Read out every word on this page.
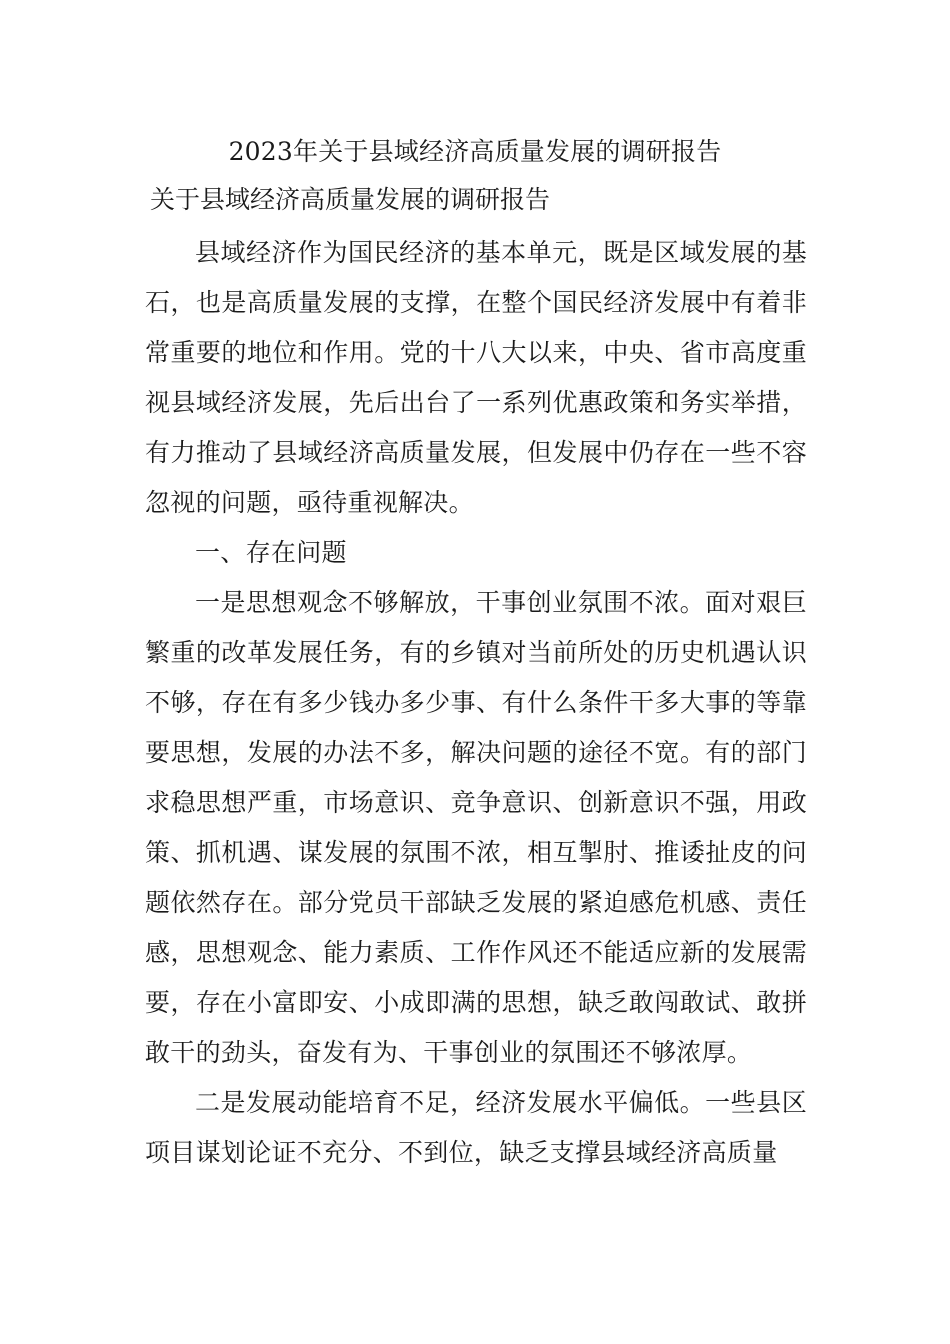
2023年关于县域经济高质量发展的调研报告
关于县域经济高质量发展的调研报告

县域经济作为国民经济的基本单元，既是区域发展的基石，也是高质量发展的支撑，在整个国民经济发展中有着非常重要的地位和作用。党的十八大以来，中央、省市高度重视县域经济发展，先后出台了一系列优惠政策和务实举措，有力推动了县域经济高质量发展，但发展中仍存在一些不容忽视的问题，亟待重视解决。

一、存在问题

一是思想观念不够解放，干事创业氛围不浓。面对艰巨繁重的改革发展任务，有的乡镇对当前所处的历史机遇认识不够，存在有多少钱办多少事、有什么条件干多大事的等靠要思想，发展的办法不多，解决问题的途径不宽。有的部门求稳思想严重，市场意识、竞争意识、创新意识不强，用政策、抓机遇、谋发展的氛围不浓，相互掣肘、推诿扯皮的问题依然存在。部分党员干部缺乏发展的紧迫感危机感、责任感，思想观念、能力素质、工作作风还不能适应新的发展需要，存在小富即安、小成即满的思想，缺乏敢闯敢试、敢拼敢干的劲头，奋发有为、干事创业的氛围还不够浓厚。

二是发展动能培育不足，经济发展水平偏低。一些县区项目谋划论证不充分、不到位，缺乏支撑县域经济高质量
